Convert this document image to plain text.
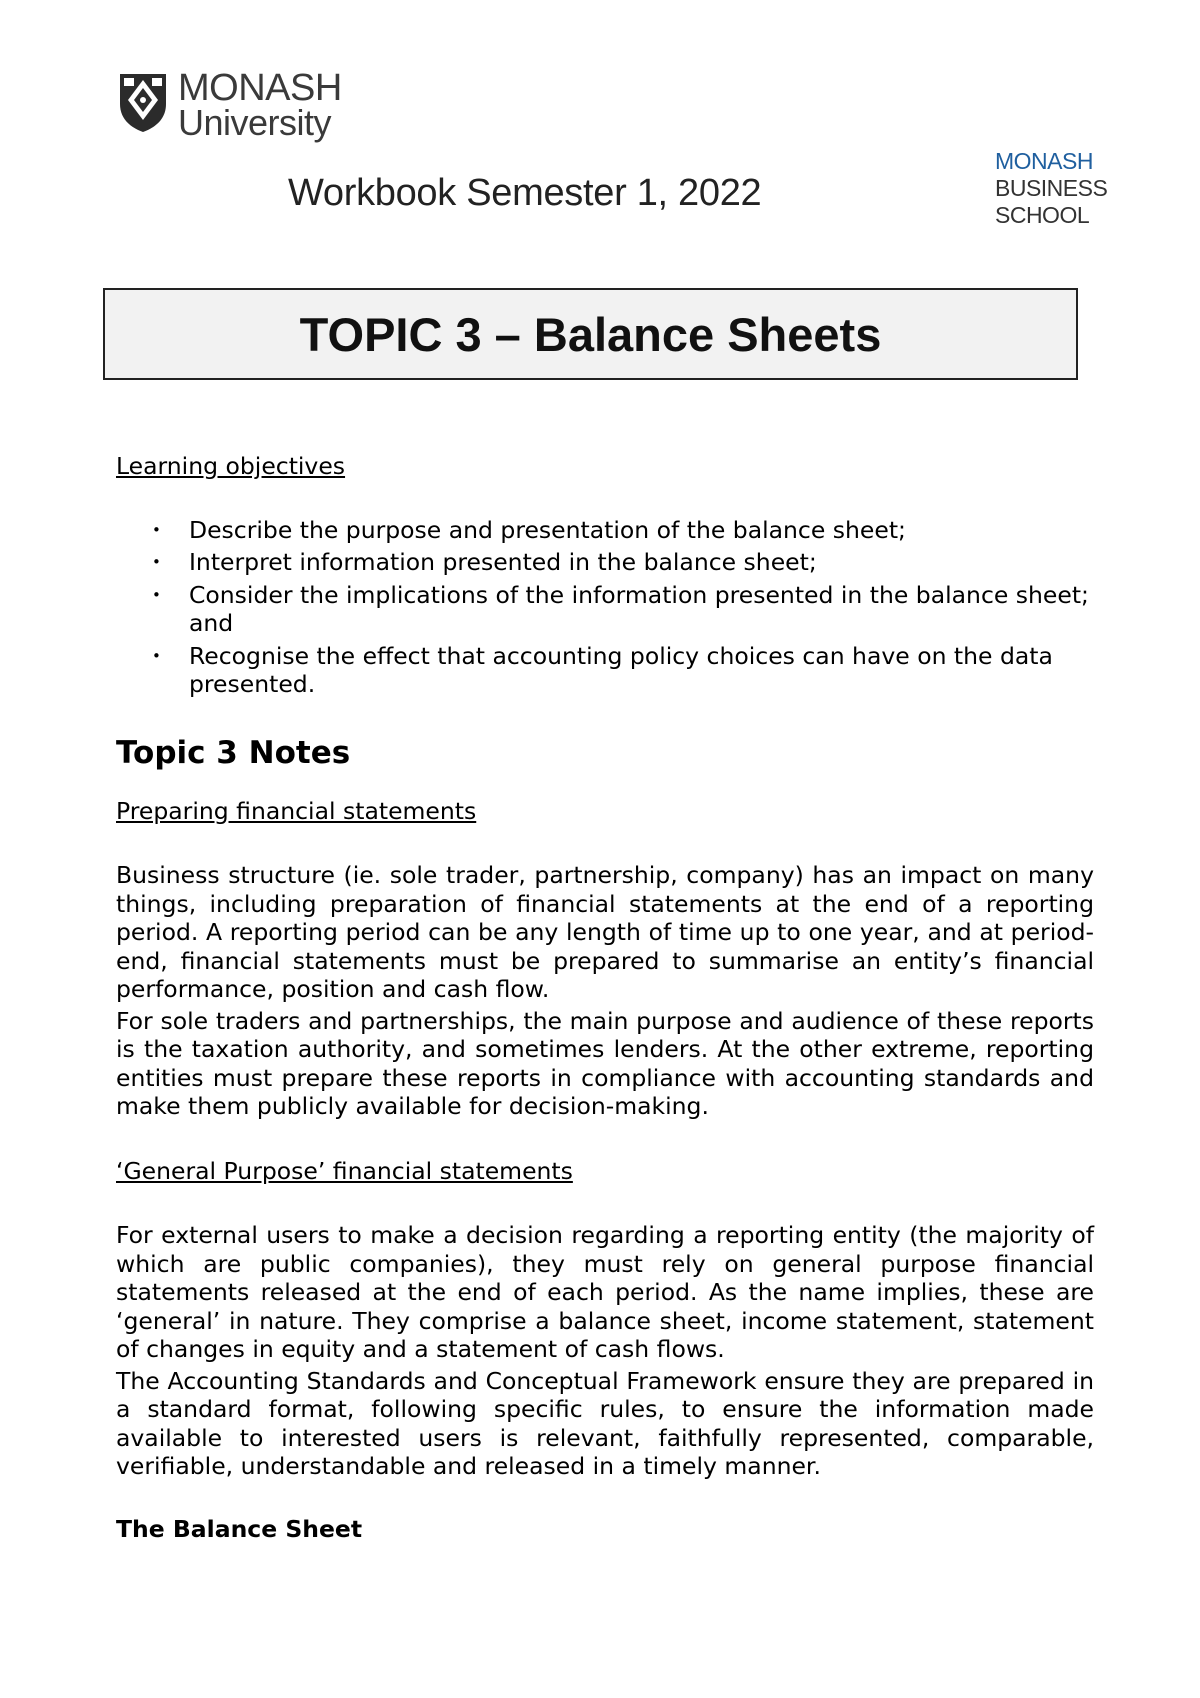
MONASH
University
MONASH
BUSINESS
SCHOOL
Workbook Semester 1, 2022
TOPIC 3 – Balance Sheets

Learning objectives

• Describe the purpose and presentation of the balance sheet;
• Interpret information presented in the balance sheet;
• Consider the implications of the information presented in the balance sheet; and
• Recognise the effect that accounting policy choices can have on the data presented.
Topic 3 Notes

Preparing financial statements

Business structure (ie. sole trader, partnership, company) has an impact on many things, including preparation of financial statements at the end of a reporting period. A reporting period can be any length of time up to one year, and at period-end, financial statements must be prepared to summarise an entity’s financial performance, position and cash flow.

For sole traders and partnerships, the main purpose and audience of these reports is the taxation authority, and sometimes lenders. At the other extreme, reporting entities must prepare these reports in compliance with accounting standards and make them publicly available for decision-making.

‘General Purpose’ financial statements

For external users to make a decision regarding a reporting entity (the majority of which are public companies), they must rely on general purpose financial statements released at the end of each period. As the name implies, these are ‘general’ in nature. They comprise a balance sheet, income statement, statement of changes in equity and a statement of cash flows.

The Accounting Standards and Conceptual Framework ensure they are prepared in a standard format, following specific rules, to ensure the information made available to interested users is relevant, faithfully represented, comparable, verifiable, understandable and released in a timely manner.

The Balance Sheet
